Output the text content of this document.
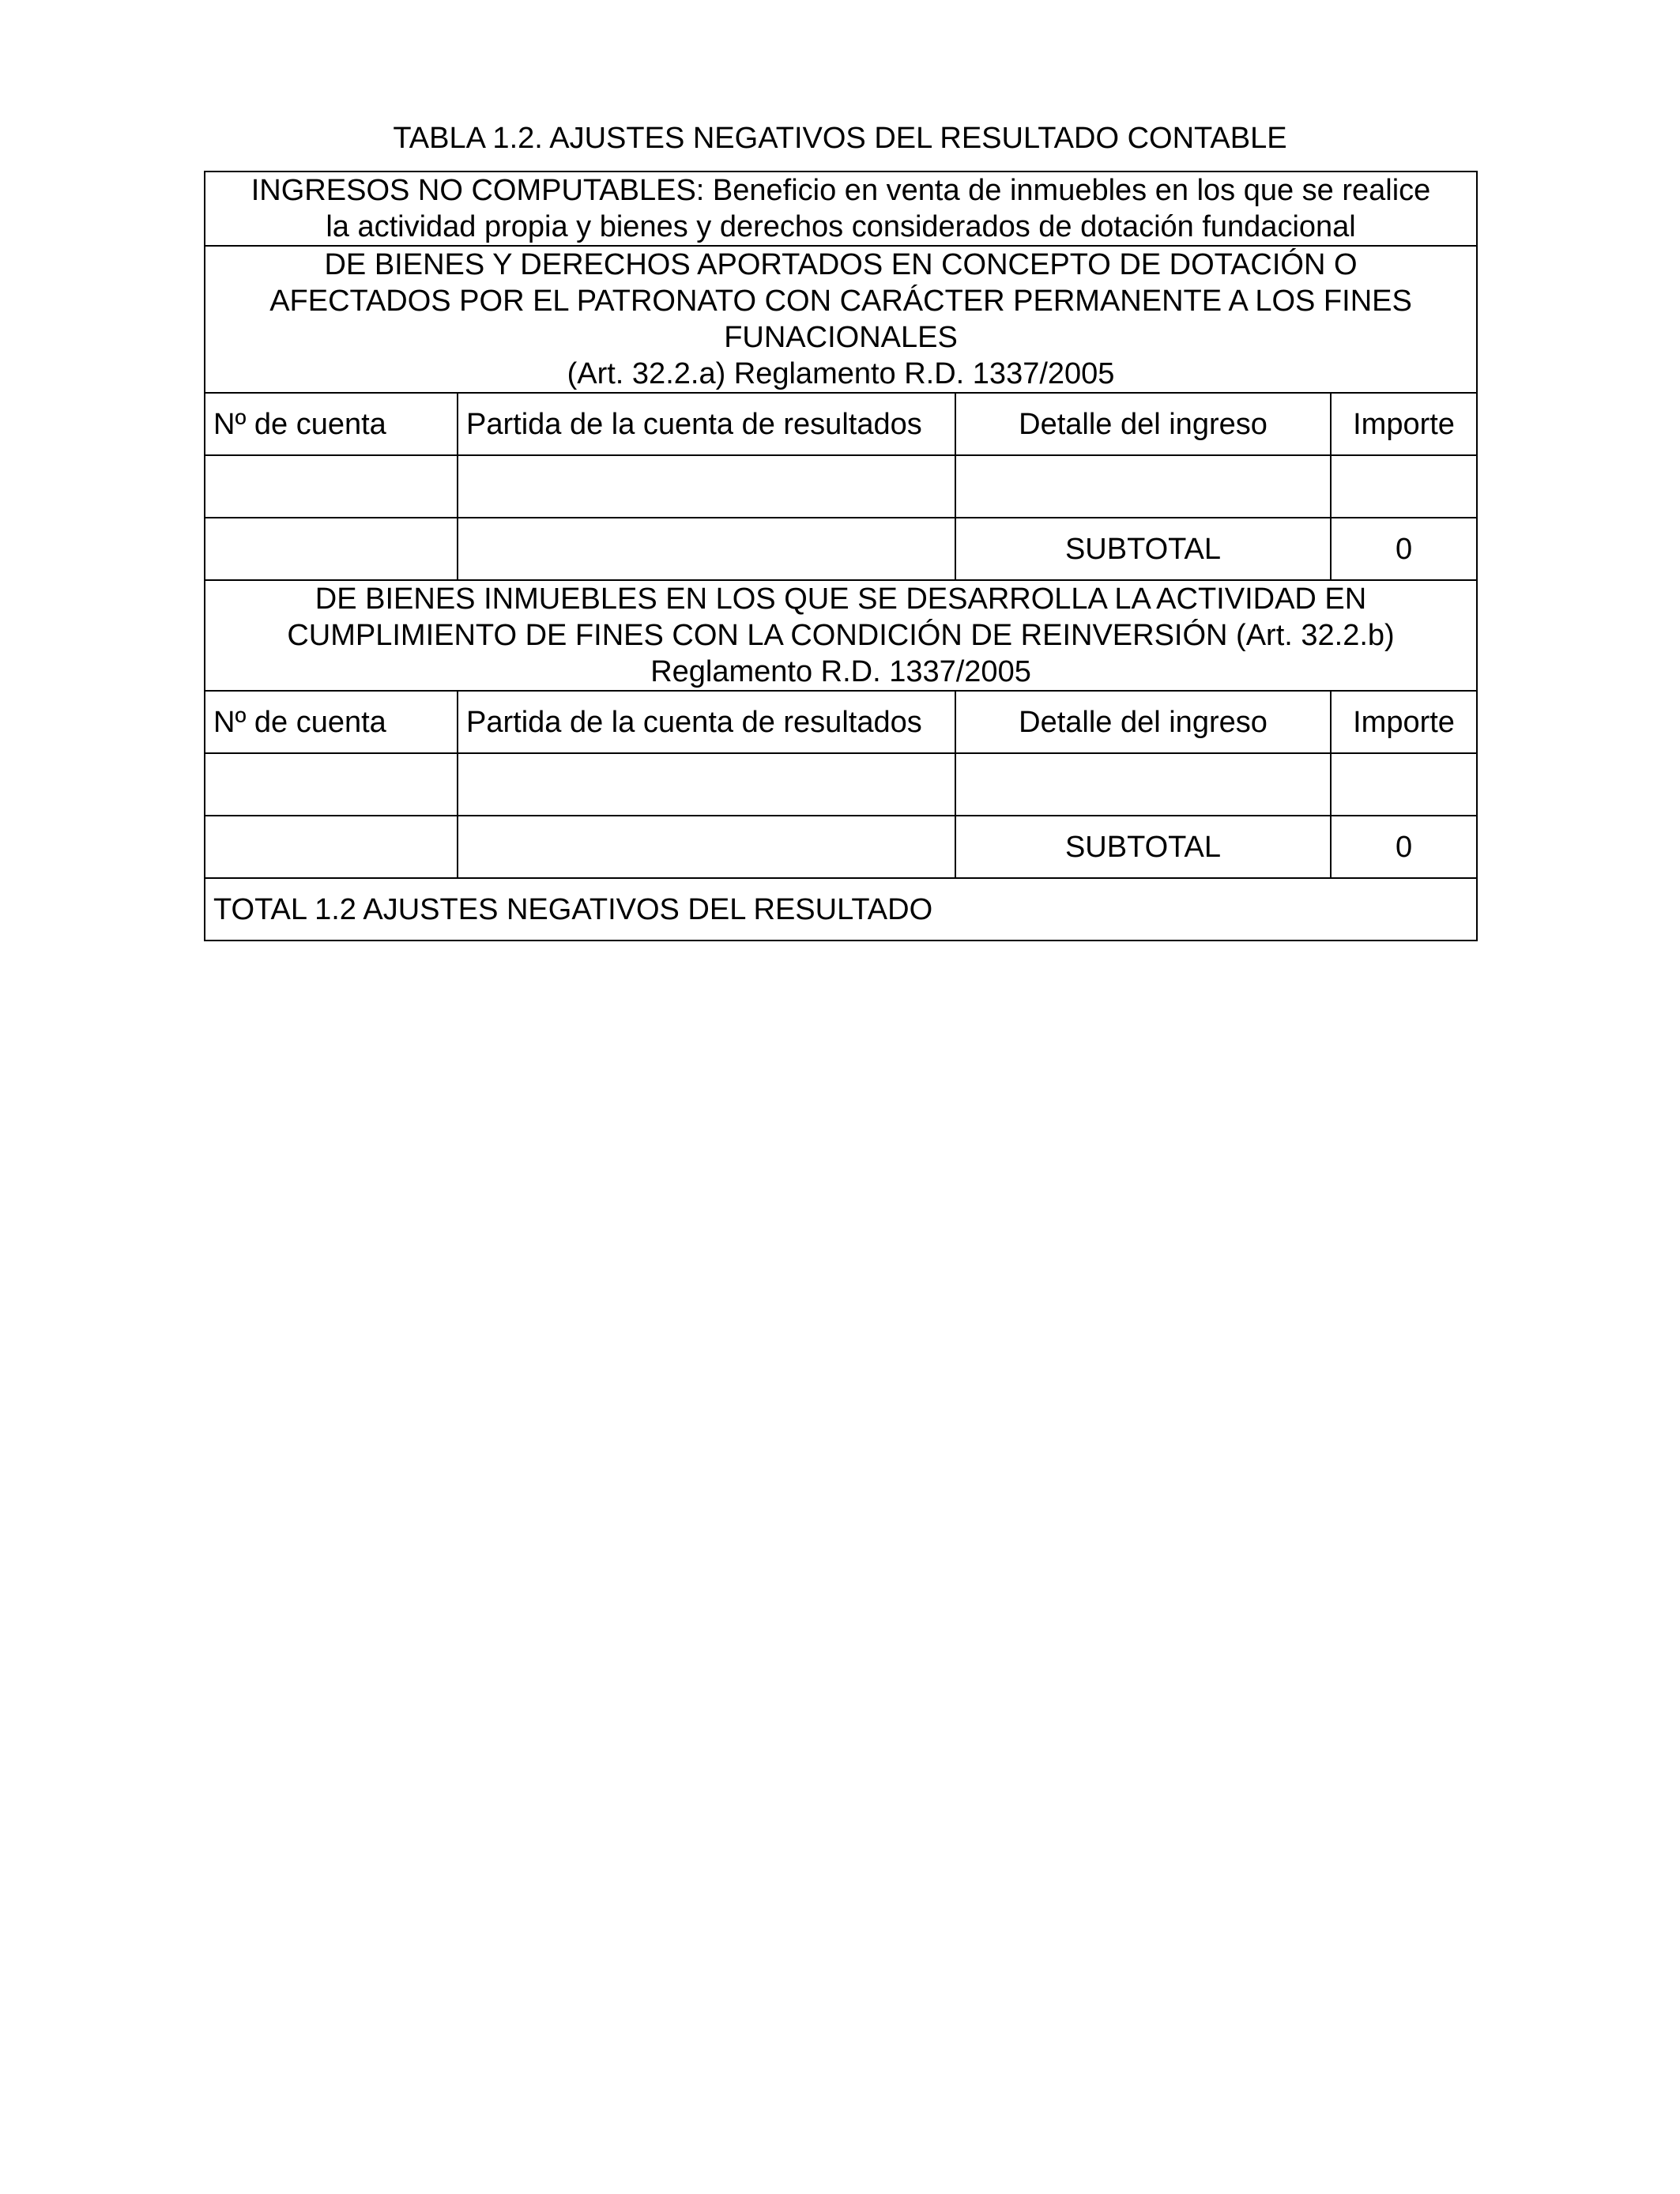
TABLA 1.2. AJUSTES NEGATIVOS DEL RESULTADO CONTABLE
INGRESOS NO COMPUTABLES: Beneficio en venta de inmuebles en los que se realice
la actividad propia y bienes y derechos considerados de dotación fundacional			

DE BIENES Y DERECHOS APORTADOS EN CONCEPTO DE DOTACIÓN O
AFECTADOS POR EL PATRONATO CON CARÁCTER PERMANENTE A LOS FINES
FUNACIONALES
(Art. 32.2.a) Reglamento R.D. 1337/2005			

Nº de cuenta	Partida de la cuenta de resultados	Detalle del ingreso	Importe

		SUBTOTAL	0

DE BIENES INMUEBLES EN LOS QUE SE DESARROLLA LA ACTIVIDAD EN
CUMPLIMIENTO DE FINES CON LA CONDICIÓN DE REINVERSIÓN (Art. 32.2.b)
Reglamento R.D. 1337/2005			

Nº de cuenta	Partida de la cuenta de resultados	Detalle del ingreso	Importe

		SUBTOTAL	0
TOTAL 1.2 AJUSTES NEGATIVOS DEL RESULTADO			
